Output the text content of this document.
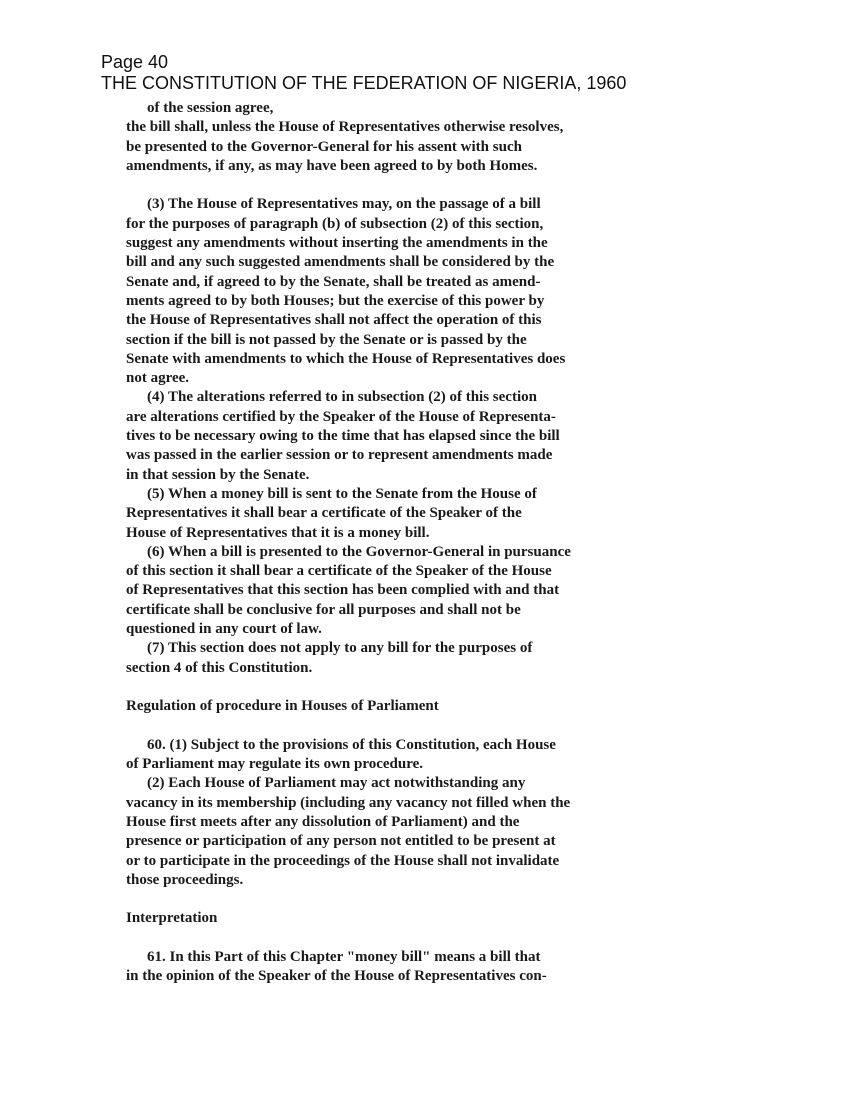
Page 40
THE CONSTITUTION OF THE FEDERATION OF NIGERIA, 1960
of the session agree,
the bill shall, unless the House of Representatives otherwise resolves,
be presented to the Governor-General for his assent with such
amendments, if any, as may have been agreed to by both Homes.
(3) The House of Representatives may, on the passage of a bill
for the purposes of paragraph (b) of subsection (2) of this section,
suggest any amendments without inserting the amendments in the
bill and any such suggested amendments shall be considered by the
Senate and, if agreed to by the Senate, shall be treated as amend-
ments agreed to by both Houses; but the exercise of this power by
the House of Representatives shall not affect the operation of this
section if the bill is not passed by the Senate or is passed by the
Senate with amendments to which the House of Representatives does
not agree.
(4) The alterations referred to in subsection (2) of this section
are alterations certified by the Speaker of the House of Representa-
tives to be necessary owing to the time that has elapsed since the bill
was passed in the earlier session or to represent amendments made
in that session by the Senate.
(5) When a money bill is sent to the Senate from the House of
Representatives it shall bear a certificate of the Speaker of the
House of Representatives that it is a money bill.
(6) When a bill is presented to the Governor-General in pursuance
of this section it shall bear a certificate of the Speaker of the House
of Representatives that this section has been complied with and that
certificate shall be conclusive for all purposes and shall not be
questioned in any court of law.
(7) This section does not apply to any bill for the purposes of
section 4 of this Constitution.
Regulation of procedure in Houses of Parliament
60. (1) Subject to the provisions of this Constitution, each House
of Parliament may regulate its own procedure.
(2) Each House of Parliament may act notwithstanding any
vacancy in its membership (including any vacancy not filled when the
House first meets after any dissolution of Parliament) and the
presence or participation of any person not entitled to be present at
or to participate in the proceedings of the House shall not invalidate
those proceedings.
Interpretation
61. In this Part of this Chapter "money bill" means a bill that
in the opinion of the Speaker of the House of Representatives con-
